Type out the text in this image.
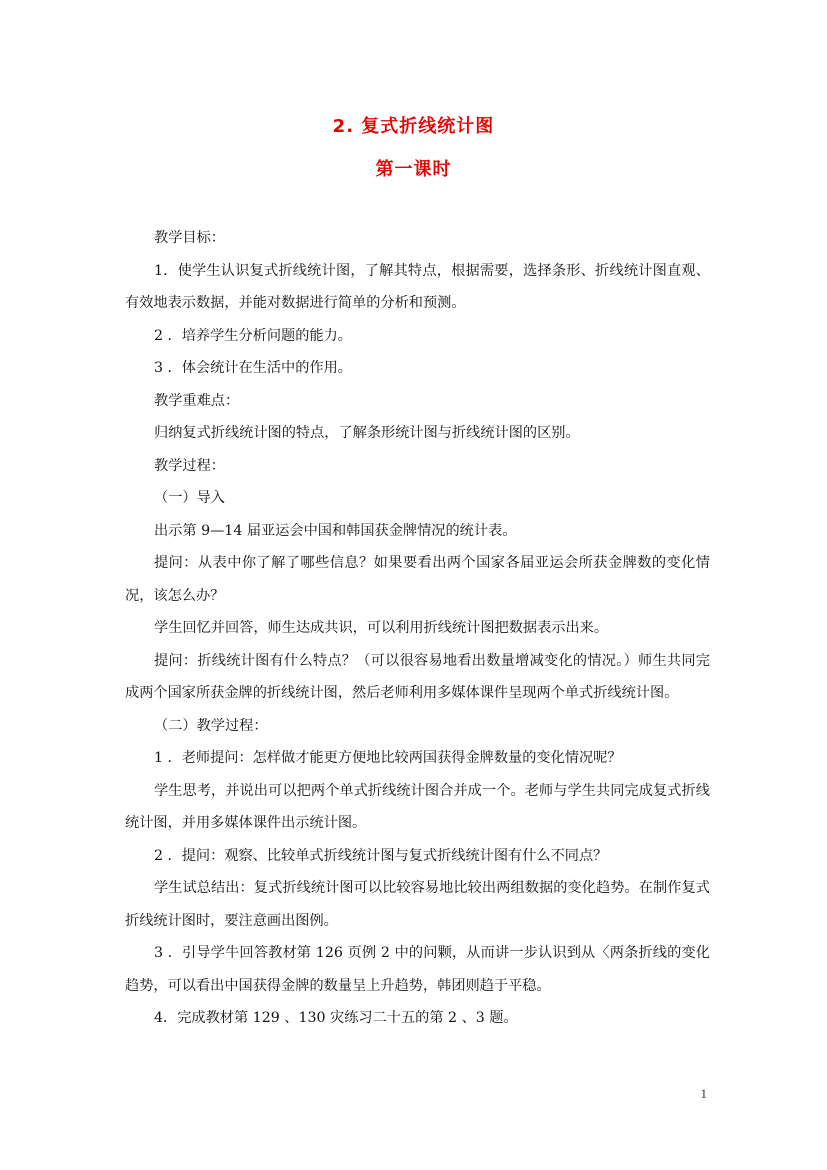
2. 复式折线统计图
第一课时

教学目标：

1．使学生认识复式折线统计图，了解其特点，根据需要，选择条形、折线统计图直观、有效地表示数据，并能对数据进行简单的分析和预测。

2 ．培养学生分析问题的能力。

3 ．体会统计在生活中的作用。

教学重难点：

归纳复式折线统计图的特点，了解条形统计图与折线统计图的区别。

教学过程：

（一）导入

出示第 9—14 届亚运会中国和韩国获金牌情况的统计表。

提问：从表中你了解了哪些信息？如果要看出两个国家各届亚运会所获金牌数的变化情况，该怎么办？

学生回忆并回答，师生达成共识，可以利用折线统计图把数据表示出来。

提问：折线统计图有什么特点？（可以很容易地看出数量增减变化的情况。）师生共同完成两个国家所获金牌的折线统计图，然后老师利用多媒体课件呈现两个单式折线统计图。

（二）教学过程：

1 ．老师提问：怎样做才能更方便地比较两国获得金牌数量的变化情况呢？

学生思考，并说出可以把两个单式折线统计图合并成一个。老师与学生共同完成复式折线统计图，并用多媒体课件出示统计图。

2 ．提问：观察、比较单式折线统计图与复式折线统计图有什么不同点？

学生试总结出：复式折线统计图可以比较容易地比较出两组数据的变化趋势。在制作复式折线统计图时，要注意画出图例。

3 ．引导学牛回答教材第 126 页例 2 中的问颗，从而讲一步认识到从〈两条折线的变化趋势，可以看出中国获得金牌的数量呈上升趋势，韩团则趋于平稳。

4．完成教材第 129 、130 灾练习二十五的第 2 、3 题。

1
